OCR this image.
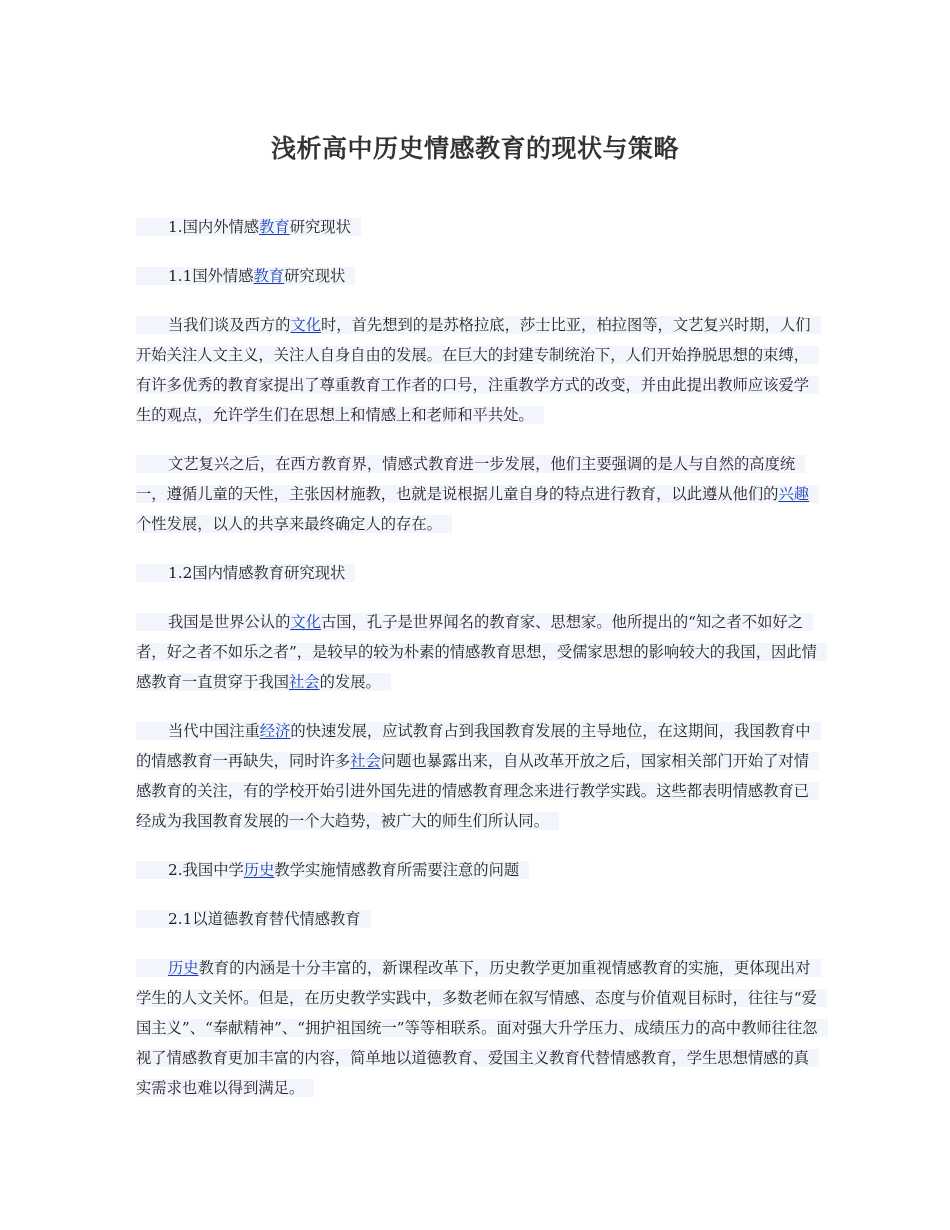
浅析高中历史情感教育的现状与策略

1.国内外情感教育研究现状

1.1国外情感教育研究现状

当我们谈及西方的文化时，首先想到的是苏格拉底，莎士比亚，柏拉图等，文艺复兴时期，人们开始关注人文主义，关注人自身自由的发展。在巨大的封建专制统治下，人们开始挣脱思想的束缚，有许多优秀的教育家提出了尊重教育工作者的口号，注重教学方式的改变，并由此提出教师应该爱学生的观点，允许学生们在思想上和情感上和老师和平共处。

文艺复兴之后，在西方教育界，情感式教育进一步发展，他们主要强调的是人与自然的高度统一，遵循儿童的天性，主张因材施教，也就是说根据儿童自身的特点进行教育，以此遵从他们的兴趣个性发展，以人的共享来最终确定人的存在。

1.2国内情感教育研究现状

我国是世界公认的文化古国，孔子是世界闻名的教育家、思想家。他所提出的“知之者不如好之者，好之者不如乐之者”，是较早的较为朴素的情感教育思想，受儒家思想的影响较大的我国，因此情感教育一直贯穿于我国社会的发展。

当代中国注重经济的快速发展，应试教育占到我国教育发展的主导地位，在这期间，我国教育中的情感教育一再缺失，同时许多社会问题也暴露出来，自从改革开放之后，国家相关部门开始了对情感教育的关注，有的学校开始引进外国先进的情感教育理念来进行教学实践。这些都表明情感教育已经成为我国教育发展的一个大趋势，被广大的师生们所认同。

2.我国中学历史教学实施情感教育所需要注意的问题

2.1以道德教育替代情感教育

历史教育的内涵是十分丰富的，新课程改革下，历史教学更加重视情感教育的实施，更体现出对学生的人文关怀。但是，在历史教学实践中，多数老师在叙写情感、态度与价值观目标时，往往与“爱国主义”、“奉献精神”、“拥护祖国统一”等等相联系。面对强大升学压力、成绩压力的高中教师往往忽视了情感教育更加丰富的内容，简单地以道德教育、爱国主义教育代替情感教育，学生思想情感的真实需求也难以得到满足。
